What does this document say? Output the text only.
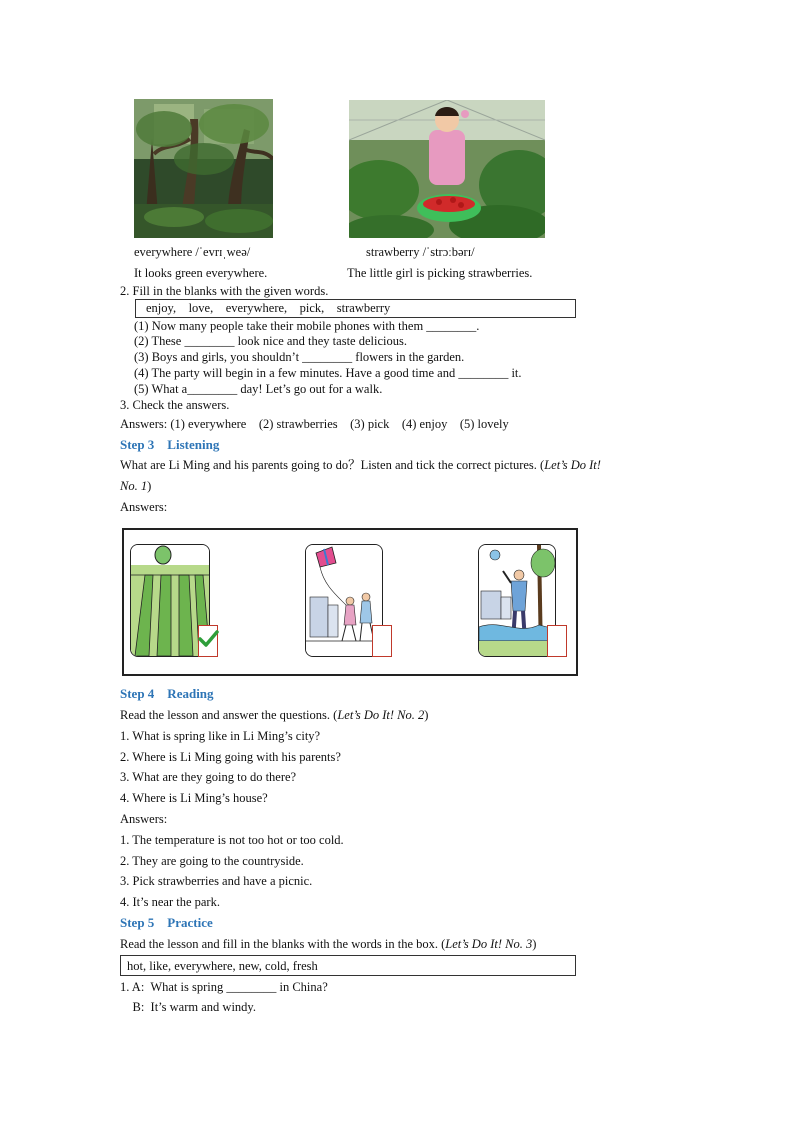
everywhere /ˈevrɪˌweə/	strawberry /ˈstrɔːbərɪ/
It looks green everywhere.	The little girl is picking strawberries.
2. Fill in the blanks with the given words.
enjoy,    love,    everywhere,    pick,    strawberry
(1) Now many people take their mobile phones with them ________.
(2) These ________ look nice and they taste delicious.
(3) Boys and girls, you shouldn’t ________ flowers in the garden.
(4) The party will begin in a few minutes. Have a good time and ________ it.
(5) What a________ day! Let’s go out for a walk.
3. Check the answers.
Answers: (1) everywhere    (2) strawberries    (3) pick    (4) enjoy    (5) lovely
Step 3    Listening
What are Li Ming and his parents going to do？Listen and tick the correct pictures. (Let’s Do It!
No. 1)
Answers:
Step 4    Reading
Read the lesson and answer the questions. (Let’s Do It! No. 2)
1. What is spring like in Li Ming’s city?
2. Where is Li Ming going with his parents?
3. What are they going to do there?
4. Where is Li Ming’s house?
Answers:
1. The temperature is not too hot or too cold.
2. They are going to the countryside.
3. Pick strawberries and have a picnic.
4. It’s near the park.
Step 5    Practice
Read the lesson and fill in the blanks with the words in the box. (Let’s Do It! No. 3)
hot, like, everywhere, new, cold, fresh
1. A:  What is spring ________ in China?
B:  It’s warm and windy.
